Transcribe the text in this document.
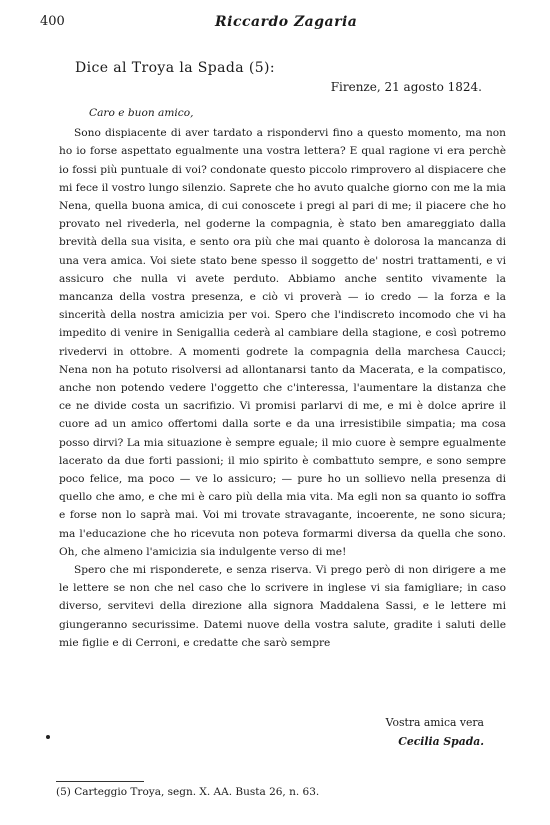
400	Riccardo Zagaria
Dice al Troya la Spada (5):
Firenze, 21 agosto 1824.
Caro e buon amico,

Sono dispiacente di aver tardato a rispondervi fino a questo momento, ma non ho io forse aspettato egualmente una vostra lettera? E qual ragione vi era perchè io fossi più puntuale di voi? condonate questo piccolo rimprovero al dispiacere che mi fece il vostro lungo silenzio. Saprete che ho avuto qualche giorno con me la mia Nena, quella buona amica, di cui conoscete i pregi al pari di me; il piacere che ho provato nel rivederla, nel goderne la compagnia, è stato ben amareggiato dalla brevità della sua visita, e sento ora più che mai quanto è dolorosa la mancanza di una vera amica. Voi siete stato bene spesso il soggetto de' nostri trattamenti, e vi assicuro che nulla vi avete perduto. Abbiamo anche sentito vivamente la mancanza della vostra presenza, e ciò vi proverà — io credo — la forza e la sincerità della nostra amicizia per voi. Spero che l'indiscreto incomodo che vi ha impedito di venire in Senigallia cederà al cambiare della stagione, e così potremo rivedervi in ottobre. A momenti godrete la compagnia della marchesa Caucci; Nena non ha potuto risolversi ad allontanarsi tanto da Macerata, e la compatisco, anche non potendo vedere l'oggetto che c'interessa, l'aumentare la distanza che ce ne divide costa un sacrifizio. Vi promisi parlarvi di me, e mi è dolce aprire il cuore ad un amico offertomi dalla sorte e da una irresistibile simpatia; ma cosa posso dirvi? La mia situazione è sempre eguale; il mio cuore è sempre egualmente lacerato da due forti passioni; il mio spirito è combattuto sempre, e sono sempre poco felice, ma poco — ve lo assicuro; — pure ho un sollievo nella presenza di quello che amo, e che mi è caro più della mia vita. Ma egli non sa quanto io soffra e forse non lo saprà mai. Voi mi trovate stravagante, incoerente, ne sono sicura; ma l'educazione che ho ricevuta non poteva formarmi diversa da quella che sono. Oh, che almeno l'amicizia sia indulgente verso di me!

Spero che mi risponderete, e senza riserva. Vi prego però di non dirigere a me le lettere se non che nel caso che lo scrivere in inglese vi sia famigliare; in caso diverso, servitevi della direzione alla signora Maddalena Sassi, e le lettere mi giungeranno securissime. Datemi nuove della vostra salute, gradite i saluti delle mie figlie e di Cerroni, e credatte che sarò sempre

Vostra amica vera
Cecilia Spada.
(5) Carteggio Troya, segn. X. AA. Busta 26, n. 63.
